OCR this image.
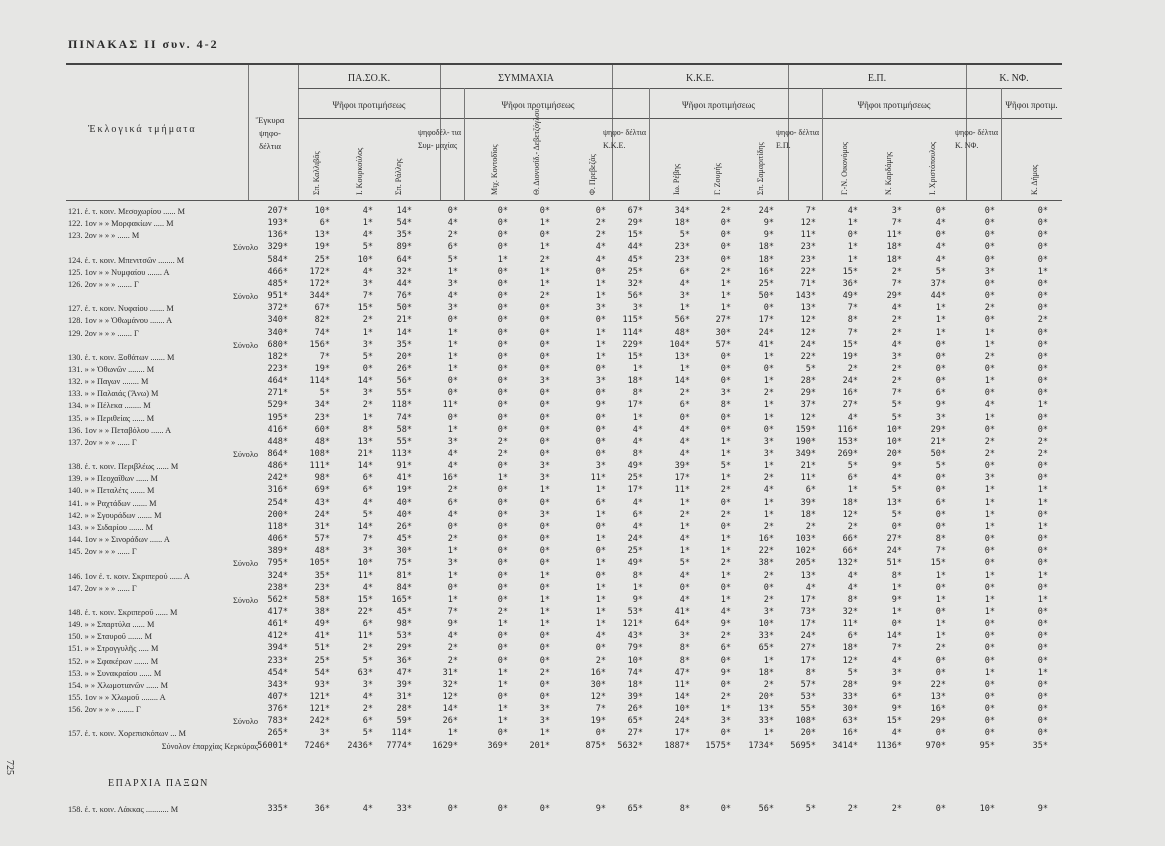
ΠΙΝΑΚΑΣ ΙΙ συν. 4-2
Ἐκλογικά τμήματα
Ἔγκυρα ψηφο- δέλτια
ΠΑ.ΣΟ.Κ.
Ψῆφοι προτιμήσεως
Σπ. Καλλιβᾶς	Ι. Κουρκούλος	Σπ. Ράλλης
ΣΥΜΜΑΧΙΑ
ψηφοδέλ- τια Συμ- μαχίας
Ψῆφοι προτιμήσεως
Μιχ. Κοντοδῖος	Θ. Διονυσίδ.- Δεβετζόγλου	Φ. Πρεβεζάς
Κ.Κ.Ε.
ψηφο- δέλτια Κ.Κ.Ε.
Ψῆφοι προτιμήσεως
Ιω. Ρέβης	Γ. Ζουρής	Σπ. Σαμαριτίδης
Ε.Π.
ψηφο- δέλτια Ε.Π.
Ψῆφοι προτιμήσεως
Γ.-Ν. Οικονόμος	Ν. Καρδάμης	Ι. Χριστόπουλος
Κ. ΝΦ.
ψηφο- δέλτια Κ. ΝΦ.
Ψῆφοι προτιμ.
Κ. Δήμας
121. ἐ. τ. κοιν. Μεσοχωρίου ...... Μ	207*	10*	4*	14*	0*	0*	0*	0*	67*	34*	2*	24*	7*	4*	3*	0*	0*	0*
122. 1ον » » Μορφακίων ..... Μ	193*	6*	1*	54*	4*	0*	1*	2*	29*	18*	0*	9*	12*	1*	7*	4*	0*	0*
123. 2ον » » » ...... Μ	136*	13*	4*	35*	2*	0*	0*	2*	15*	5*	0*	9*	11*	0*	11*	0*	0*	0*
Σύνολο	329*	19*	5*	89*	6*	0*	1*	4*	44*	23*	0*	18*	23*	1*	18*	4*	0*	0*
124. ἐ. τ. κοιν. Μπενιτσῶν ........ Μ	584*	25*	10*	64*	5*	1*	2*	4*	45*	23*	0*	18*	23*	1*	18*	4*	0*	0*
125. 1ον » » Νυμφαίου ....... Α	466*	172*	4*	32*	1*	0*	1*	0*	25*	6*	2*	16*	22*	15*	2*	5*	3*	1*
126. 2ον » » » ....... Γ	485*	172*	3*	44*	3*	0*	1*	1*	32*	4*	1*	25*	71*	36*	7*	37*	0*	0*
Σύνολο	951*	344*	7*	76*	4*	0*	2*	1*	56*	3*	1*	50*	143*	49*	29*	44*	0*	0*
127. ἐ. τ. κοιν. Νυφαίου ....... Μ	372*	67*	15*	50*	3*	0*	0*	3*	3*	1*	1*	0*	13*	7*	4*	1*	2*	0*
128. 1ον » » Ὀθωμάνου ....... Α	340*	82*	2*	21*	0*	0*	0*	0*	115*	56*	27*	17*	12*	8*	2*	1*	0*	2*
129. 2ον » » » ....... Γ	340*	74*	1*	14*	1*	0*	0*	1*	114*	48*	30*	24*	12*	7*	2*	1*	1*	0*
Σύνολο	680*	156*	3*	35*	1*	0*	0*	1*	229*	104*	57*	41*	24*	15*	4*	0*	1*	0*
130. ἐ. τ. κοιν. Ξοθάτων ....... Μ	182*	7*	5*	20*	1*	0*	0*	1*	15*	13*	0*	1*	22*	19*	3*	0*	2*	0*
131. » » Ὀθωνῶν ........ Μ	223*	19*	0*	26*	1*	0*	0*	0*	1*	1*	0*	0*	5*	2*	2*	0*	0*	0*
132. » » Παγων ........ Μ	464*	114*	14*	56*	0*	0*	3*	3*	18*	14*	0*	1*	28*	24*	2*	0*	1*	0*
133. » » Παλαιάς (Ἄνω) Μ	271*	5*	3*	55*	0*	0*	0*	0*	8*	2*	3*	2*	29*	16*	7*	6*	0*	0*
134. » » Πέλεκα ........ Μ	529*	34*	2*	118*	11*	0*	0*	9*	17*	6*	8*	1*	37*	27*	5*	9*	4*	1*
135. » » Περιθείας ...... Μ	195*	23*	1*	74*	0*	0*	0*	0*	1*	0*	0*	1*	12*	4*	5*	3*	1*	0*
136. 1ον » » Πεταβόλου ...... Α	416*	60*	8*	58*	1*	0*	0*	0*	4*	4*	0*	0*	159*	116*	10*	29*	0*	0*
137. 2ον » » » ...... Γ	448*	48*	13*	55*	3*	2*	0*	0*	4*	4*	1*	3*	190*	153*	10*	21*	2*	2*
Σύνολο	864*	108*	21*	113*	4*	2*	0*	0*	8*	4*	1*	3*	349*	269*	20*	50*	2*	2*
138. ἐ. τ. κοιν. Περιβλέως ...... Μ	486*	111*	14*	91*	4*	0*	3*	3*	49*	39*	5*	1*	21*	5*	9*	5*	0*	0*
139. » » Πεοχαῖθων ...... Μ	242*	98*	6*	41*	16*	1*	3*	11*	25*	17*	1*	2*	11*	6*	4*	0*	3*	0*
140. » » Πεταλέτς ....... Μ	316*	69*	6*	19*	2*	0*	1*	1*	17*	11*	2*	4*	6*	1*	5*	0*	1*	1*
141. » » Ραχτάδων ....... Μ	254*	43*	4*	40*	6*	0*	0*	6*	4*	1*	0*	1*	39*	18*	13*	6*	1*	1*
142. » » Σγουράδων ....... Μ	200*	24*	5*	40*	4*	0*	3*	1*	6*	2*	2*	1*	18*	12*	5*	0*	1*	0*
143. » » Σιδαρίου ....... Μ	118*	31*	14*	26*	0*	0*	0*	0*	4*	1*	0*	2*	2*	2*	0*	0*	1*	1*
144. 1ον » » Σινοράδων ...... Α	406*	57*	7*	45*	2*	0*	0*	1*	24*	4*	1*	16*	103*	66*	27*	8*	0*	0*
145. 2ον » » » ...... Γ	389*	48*	3*	30*	1*	0*	0*	0*	25*	1*	1*	22*	102*	66*	24*	7*	0*	0*
Σύνολο	795*	105*	10*	75*	3*	0*	0*	1*	49*	5*	2*	38*	205*	132*	51*	15*	0*	0*
146. 1ον ἐ. τ. κοιν. Σκριπερού ...... Α	324*	35*	11*	81*	1*	0*	1*	0*	8*	4*	1*	2*	13*	4*	8*	1*	1*	1*
147. 2ον » » » ...... Γ	238*	23*	4*	84*	0*	0*	0*	1*	1*	0*	0*	0*	4*	4*	1*	0*	0*	0*
Σύνολο	562*	58*	15*	165*	1*	0*	1*	1*	9*	4*	1*	2*	17*	8*	9*	1*	1*	1*
148. ἐ. τ. κοιν. Σκριπεροῦ ...... Μ	417*	38*	22*	45*	7*	2*	1*	1*	53*	41*	4*	3*	73*	32*	1*	0*	1*	0*
149. » » Σπαρτύλα ...... Μ	461*	49*	6*	98*	9*	1*	1*	1*	121*	64*	9*	10*	17*	11*	0*	1*	0*	0*
150. » » Σταυροῦ ....... Μ	412*	41*	11*	53*	4*	0*	0*	4*	43*	3*	2*	33*	24*	6*	14*	1*	0*	0*
151. » » Στρογγυλῆς ..... Μ	394*	51*	2*	29*	2*	0*	0*	0*	79*	8*	6*	65*	27*	18*	7*	2*	0*	0*
152. » » Σφακέρων ....... Μ	233*	25*	5*	36*	2*	0*	0*	2*	10*	8*	0*	1*	17*	12*	4*	0*	0*	0*
153. » » Συνακραίου ...... Μ	454*	54*	63*	47*	31*	1*	2*	16*	74*	47*	9*	18*	8*	5*	3*	0*	1*	1*
154. » » Χλωμοτιανῶν ...... Μ	343*	93*	3*	39*	32*	1*	0*	30*	18*	11*	0*	2*	57*	28*	9*	22*	0*	0*
155. 1ον » » Χλωμοῦ ........ Α	407*	121*	4*	31*	12*	0*	0*	12*	39*	14*	2*	20*	53*	33*	6*	13*	0*	0*
156. 2ον » » » ........ Γ	376*	121*	2*	28*	14*	1*	3*	7*	26*	10*	1*	13*	55*	30*	9*	16*	0*	0*
Σύνολο	783*	242*	6*	59*	26*	1*	3*	19*	65*	24*	3*	33*	108*	63*	15*	29*	0*	0*
157. ἐ. τ. κοιν. Χορεπισκόπων ... Μ	265*	3*	5*	114*	1*	0*	1*	0*	27*	17*	0*	1*	20*	16*	4*	0*	0*	0*
Σύνολον ἐπαρχίας Κερκύρας 56001*	7246*	2436*	7774*	1629*	369*	201*	875*	5632*	1887*	1575*	1734*	5695*	3414*	1136*	970*	95*	35*
725
ΕΠΑΡΧΙΑ ΠΑΞΩΝ
158. ἐ. τ. κοιν. Λάκκας ........... Μ	335*	36*	4*	33*	0*	0*	0*	9*	65*	8*	0*	56*	5*	2*	2*	0*	10*	9*
